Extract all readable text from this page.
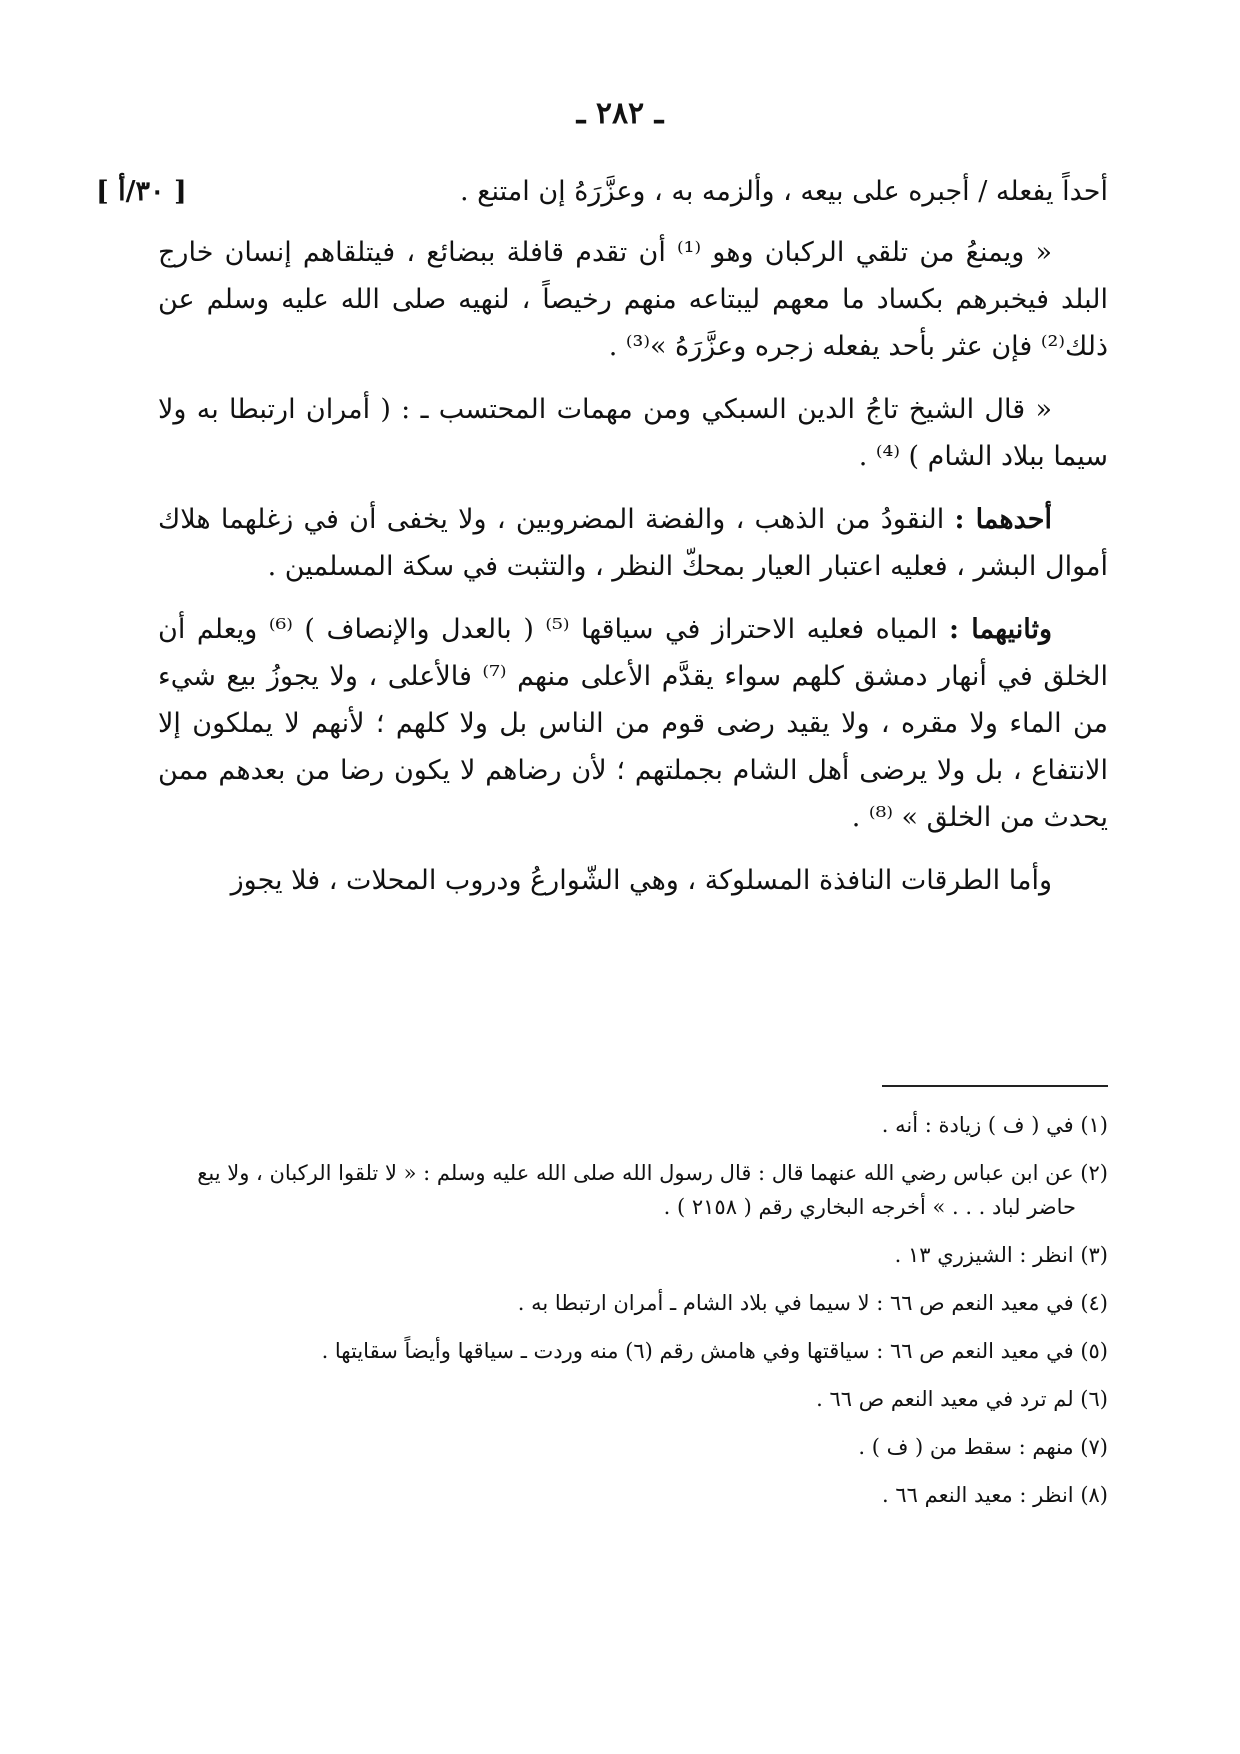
ـ ٢٨٢ ـ
[ ٣٠/أ ]	أحداً يفعله / أجبره على بيعه ، وألزمه به ، وعزَّرَهُ إن امتنع .

« ويمنعُ من تلقي الركبان وهو ⁽¹⁾ أن تقدم قافلة ببضائع ، فيتلقاهم إنسان خارج البلد فيخبرهم بكساد ما معهم ليبتاعه منهم رخيصاً ، لنهيه صلى الله عليه وسلم عن ذلك⁽²⁾ فإن عثر بأحد يفعله زجره وعزَّرَهُ »⁽³⁾ .

« قال الشيخ تاجُ الدين السبكي ومن مهمات المحتسب ـ : ( أمران ارتبطا به ولا سيما ببلاد الشام ) ⁽⁴⁾ .

أحدهما : النقودُ من الذهب ، والفضة المضروبين ، ولا يخفى أن في زغلهما هلاك أموال البشر ، فعليه اعتبار العيار بمحكّ النظر ، والتثبت في سكة المسلمين .

وثانيهما : المياه فعليه الاحتراز في سياقها ⁽⁵⁾ ( بالعدل والإنصاف ) ⁽⁶⁾ ويعلم أن الخلق في أنهار دمشق كلهم سواء يقدَّم الأعلى منهم ⁽⁷⁾ فالأعلى ، ولا يجوزُ بيع شيء من الماء ولا مقره ، ولا يقيد رضى قوم من الناس بل ولا كلهم ؛ لأنهم لا يملكون إلا الانتفاع ، بل ولا يرضى أهل الشام بجملتهم ؛ لأن رضاهم لا يكون رضا من بعدهم ممن يحدث من الخلق » ⁽⁸⁾ .

وأما الطرقات النافذة المسلوكة ، وهي الشّوارعُ ودروب المحلات ، فلا يجوز

(١) في ( ف ) زيادة : أنه .

(٢) عن ابن عباس رضي الله عنهما قال : قال رسول الله صلى الله عليه وسلم : « لا تلقوا الركبان ، ولا يبع حاضر لباد . . . » أخرجه البخاري رقم ( ٢١٥٨ ) .

(٣) انظر : الشيزري ١٣ .

(٤) في معيد النعم ص ٦٦ : لا سيما في بلاد الشام ـ أمران ارتبطا به .

(٥) في معيد النعم ص ٦٦ : سياقتها وفي هامش رقم (٦) منه وردت ـ سياقها وأيضاً سقايتها .

(٦) لم ترد في معيد النعم ص ٦٦ .

(٧) منهم : سقط من ( ف ) .

(٨) انظر : معيد النعم ٦٦ .
